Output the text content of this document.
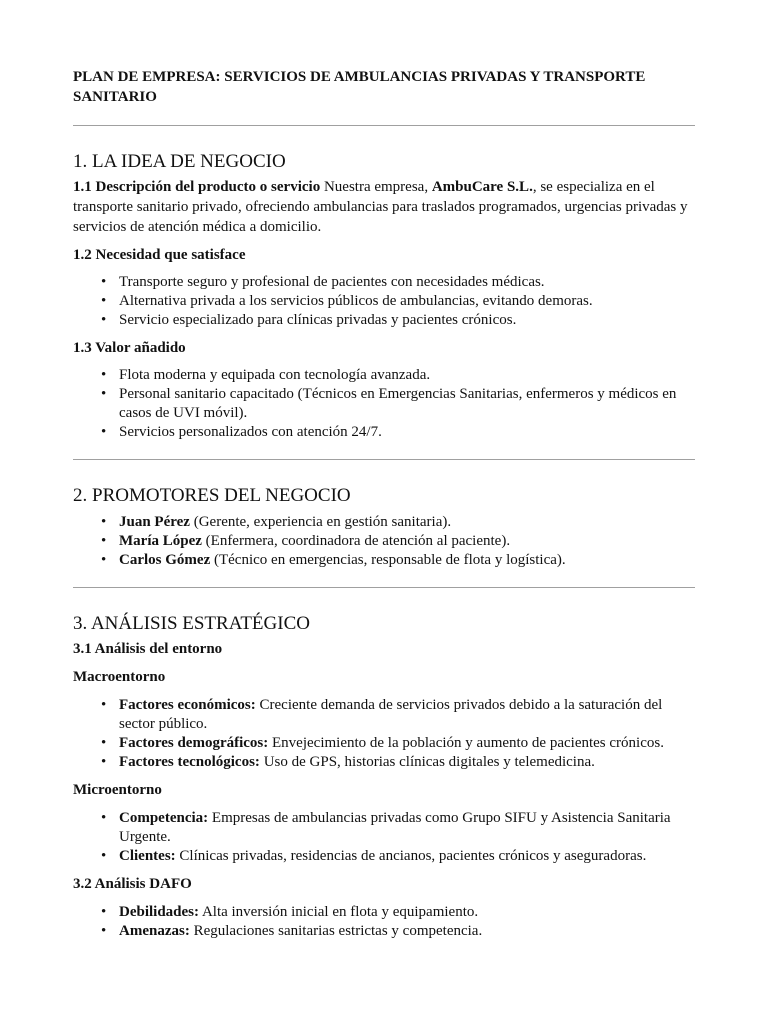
PLAN DE EMPRESA: SERVICIOS DE AMBULANCIAS PRIVADAS Y TRANSPORTE SANITARIO

1. LA IDEA DE NEGOCIO

1.1 Descripción del producto o servicio Nuestra empresa, AmbuCare S.L., se especializa en el transporte sanitario privado, ofreciendo ambulancias para traslados programados, urgencias privadas y servicios de atención médica a domicilio.

1.2 Necesidad que satisface

• Transporte seguro y profesional de pacientes con necesidades médicas.
• Alternativa privada a los servicios públicos de ambulancias, evitando demoras.
• Servicio especializado para clínicas privadas y pacientes crónicos.

1.3 Valor añadido

• Flota moderna y equipada con tecnología avanzada.
• Personal sanitario capacitado (Técnicos en Emergencias Sanitarias, enfermeros y médicos en casos de UVI móvil).
• Servicios personalizados con atención 24/7.
2. PROMOTORES DEL NEGOCIO
• Juan Pérez (Gerente, experiencia en gestión sanitaria).
• María López (Enfermera, coordinadora de atención al paciente).
• Carlos Gómez (Técnico en emergencias, responsable de flota y logística).
3. ANÁLISIS ESTRATÉGICO

3.1 Análisis del entorno

Macroentorno

• Factores económicos: Creciente demanda de servicios privados debido a la saturación del sector público.
• Factores demográficos: Envejecimiento de la población y aumento de pacientes crónicos.
• Factores tecnológicos: Uso de GPS, historias clínicas digitales y telemedicina.

Microentorno

• Competencia: Empresas de ambulancias privadas como Grupo SIFU y Asistencia Sanitaria Urgente.
• Clientes: Clínicas privadas, residencias de ancianos, pacientes crónicos y aseguradoras.

3.2 Análisis DAFO

• Debilidades: Alta inversión inicial en flota y equipamiento.
• Amenazas: Regulaciones sanitarias estrictas y competencia.
